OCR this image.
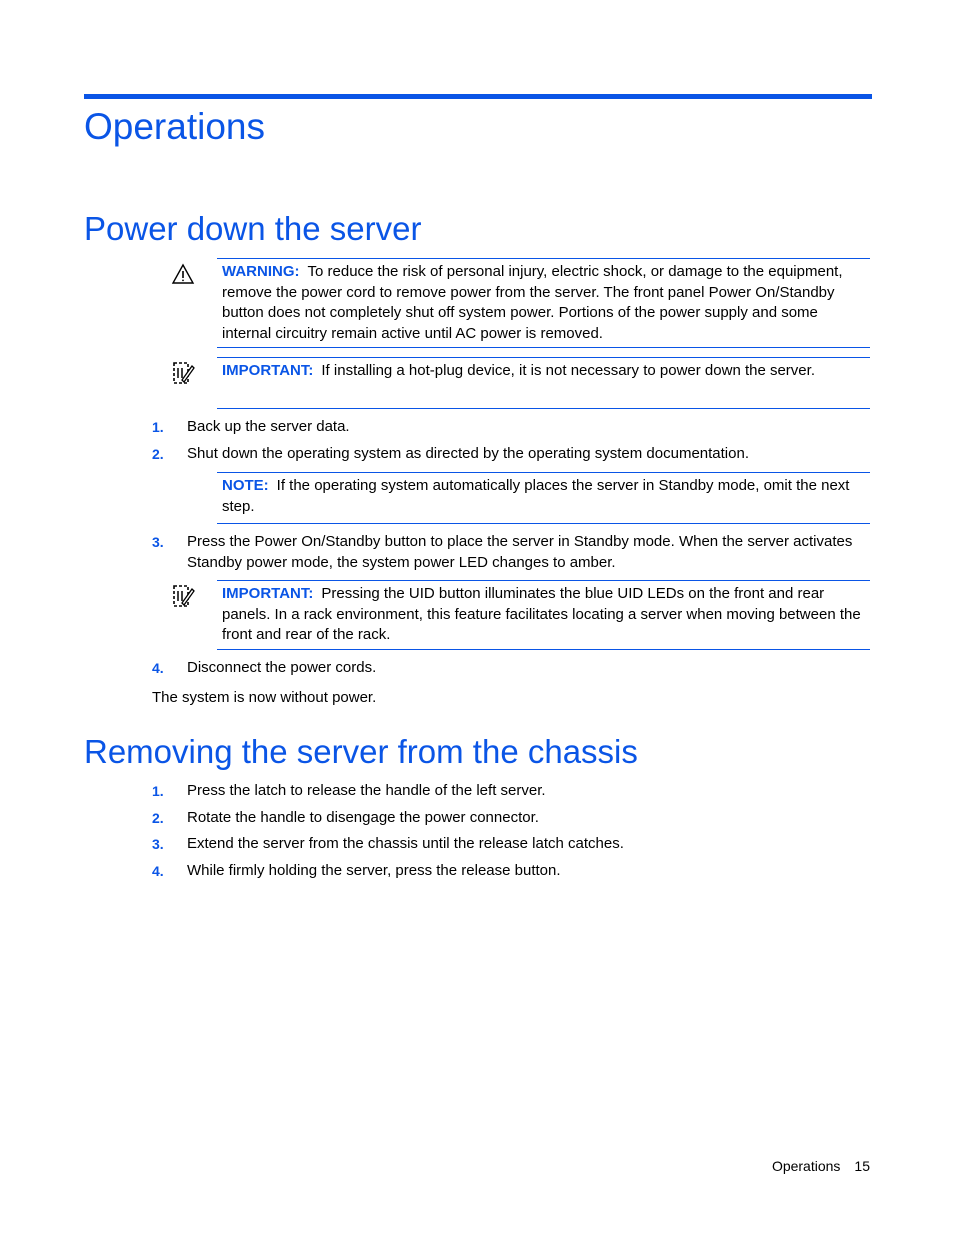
Operations
Power down the server
WARNING: To reduce the risk of personal injury, electric shock, or damage to the equipment, remove the power cord to remove power from the server. The front panel Power On/Standby button does not completely shut off system power. Portions of the power supply and some internal circuitry remain active until AC power is removed.
IMPORTANT: If installing a hot-plug device, it is not necessary to power down the server.
1. Back up the server data.
2. Shut down the operating system as directed by the operating system documentation.
3. Press the Power On/Standby button to place the server in Standby mode. When the server activates Standby power mode, the system power LED changes to amber.
4. Disconnect the power cords.
The system is now without power.
NOTE: If the operating system automatically places the server in Standby mode, omit the next step.
IMPORTANT: Pressing the UID button illuminates the blue UID LEDs on the front and rear panels. In a rack environment, this feature facilitates locating a server when moving between the front and rear of the rack.
Removing the server from the chassis
1. Press the latch to release the handle of the left server.
2. Rotate the handle to disengage the power connector.
3. Extend the server from the chassis until the release latch catches.
4. While firmly holding the server, press the release button.
Operations 15
